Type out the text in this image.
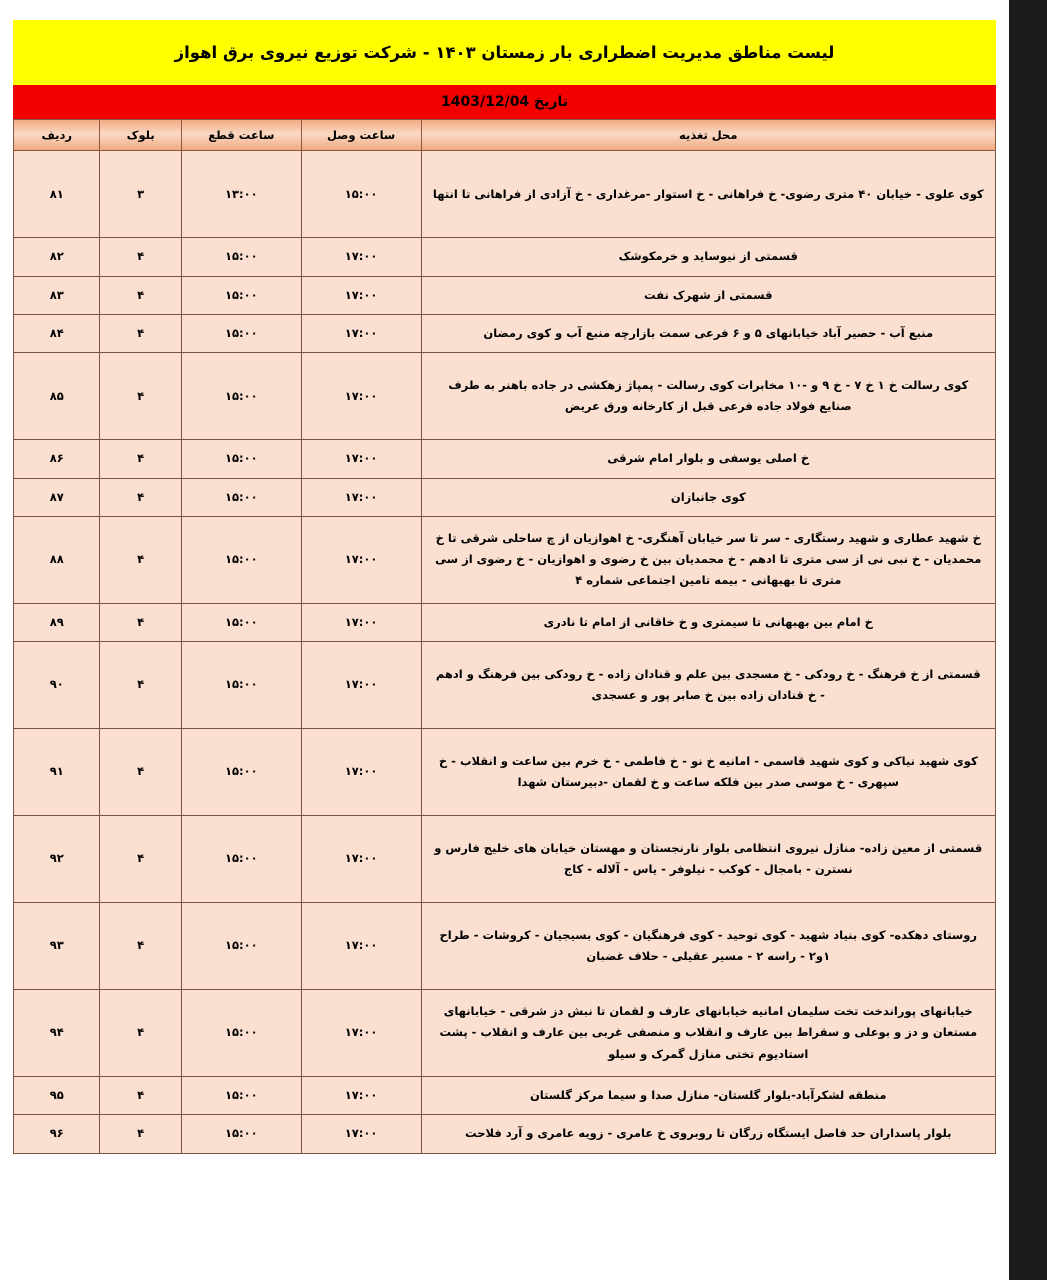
لیست مناطق مدیریت اضطراری بار زمستان ۱۴۰۳ - شرکت توزیع نیروی برق اهواز
تاریخ 1403/12/04
محل تغذیه	ساعت وصل	ساعت قطع	بلوک	ردیف
کوی علوی - خیابان ۴۰ متری رضوی- خ فراهانی - خ استوار -مرغداری - خ آزادی از فراهانی تا انتها	۱۵:۰۰	۱۳:۰۰	۳	۸۱
قسمتی از نیوساید و خرمکوشک	۱۷:۰۰	۱۵:۰۰	۴	۸۲
قسمتی از شهرک نفت	۱۷:۰۰	۱۵:۰۰	۴	۸۳
منبع آب - حصیر آباد خیابانهای ۵ و ۶ فرعی سمت بازارچه منبع آب و کوی رمضان	۱۷:۰۰	۱۵:۰۰	۴	۸۴
کوی رسالت خ ۱ خ ۷ - خ ۹ و -۱۰ مخابرات کوی رسالت - پمپاژ زهکشی در جاده باهنر به طرف صنایع فولاد جاده فرعی قبل از کارخانه ورق عریض	۱۷:۰۰	۱۵:۰۰	۴	۸۵
خ اصلی یوسفی و بلوار امام شرقی	۱۷:۰۰	۱۵:۰۰	۴	۸۶
کوی جانبازان	۱۷:۰۰	۱۵:۰۰	۴	۸۷
خ شهید عطاری و شهید رستگاری - سر تا سر خیابان آهنگری- خ اهوازیان از چ ساحلی شرقی تا خ محمدیان - خ نبی نی از سی متری تا ادهم - خ محمدیان بین خ رضوی و اهوازیان - خ رضوی از سی متری تا بهبهانی - بیمه تامین اجتماعی شماره ۴	۱۷:۰۰	۱۵:۰۰	۴	۸۸
خ امام بین بهبهانی تا سیمتری و خ خاقانی از امام تا نادری	۱۷:۰۰	۱۵:۰۰	۴	۸۹
قسمتی از خ فرهنگ - خ رودکی - خ مسجدی بین علم و قنادان زاده - خ رودکی بین فرهنگ و ادهم - خ قنادان زاده بین خ صابر پور و عسجدی	۱۷:۰۰	۱۵:۰۰	۴	۹۰
کوی شهید نیاکی و کوی شهید قاسمی - امانیه خ نو - خ فاطمی - خ خرم بین ساعت و انقلاب - خ سپهری - خ موسی صدر بین فلکه ساعت و خ لقمان -دبیرستان شهدا	۱۷:۰۰	۱۵:۰۰	۴	۹۱
قسمتی از معین زاده- منازل نیروی انتظامی بلوار نارنجستان و مهستان خیابان های خلیج فارس و نسترن - بامجال - کوکب - نیلوفر - یاس - آلاله - کاج	۱۷:۰۰	۱۵:۰۰	۴	۹۲
روستای دهکده- کوی بنیاد شهید - کوی توحید - کوی فرهنگیان - کوی بسیجیان - کروشات - طراح ۱و۲ - راسه ۲ - مسیر عقیلی - حلاف غضبان	۱۷:۰۰	۱۵:۰۰	۴	۹۳
خیابانهای پوراندخت تخت سلیمان امانیه خیابانهای عارف و لقمان تا نبش دز شرقی - خیابانهای مستعان و دز و بوعلی و سقراط بین عارف و انقلاب و منصفی غربی بین عارف و انقلاب - پشت استادیوم تختی منازل گمرک و سیلو	۱۷:۰۰	۱۵:۰۰	۴	۹۴
منطقه لشکرآباد-بلوار گلستان- منازل صدا و سیما مرکز گلستان	۱۷:۰۰	۱۵:۰۰	۴	۹۵
بلوار پاسداران حد فاصل ایستگاه زرگان تا روبروی خ عامری - زویه عامری و آرد فلاحت	۱۷:۰۰	۱۵:۰۰	۴	۹۶
